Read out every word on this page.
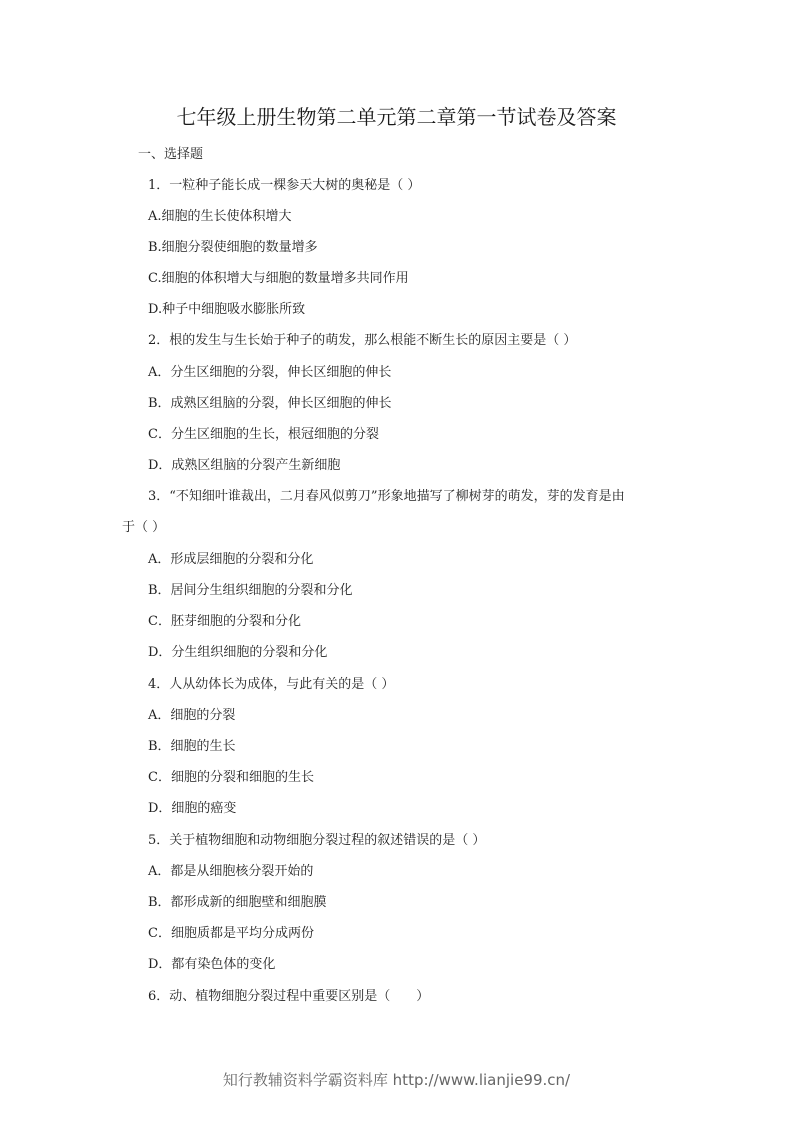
七年级上册生物第二单元第二章第一节试卷及答案
一、选择题
1．一粒种子能长成一棵参天大树的奥秘是（ ）
A.细胞的生长使体积增大
B.细胞分裂使细胞的数量增多
C.细胞的体积增大与细胞的数量增多共同作用
D.种子中细胞吸水膨胀所致
2．根的发生与生长始于种子的萌发，那么根能不断生长的原因主要是（ ）
A．分生区细胞的分裂，伸长区细胞的伸长
B．成熟区组脑的分裂，伸长区细胞的伸长
C．分生区细胞的生长，根冠细胞的分裂
D．成熟区组脑的分裂产生新细胞
3．“不知细叶谁裁出，二月春风似剪刀”形象地描写了柳树芽的萌发，芽的发育是由
于（ ）
A．形成层细胞的分裂和分化
B．居间分生组织细胞的分裂和分化
C．胚芽细胞的分裂和分化
D．分生组织细胞的分裂和分化
4．人从幼体长为成体，与此有关的是（ ）
A．细胞的分裂
B．细胞的生长
C．细胞的分裂和细胞的生长
D．细胞的癌变
5．关于植物细胞和动物细胞分裂过程的叙述错误的是（ ）
A．都是从细胞核分裂开始的
B．都形成新的细胞壁和细胞膜
C．细胞质都是平均分成两份
D．都有染色体的变化
6．动、植物细胞分裂过程中重要区别是（　　）
知行教辅资料学霸资料库 http://www.lianjie99.cn/
